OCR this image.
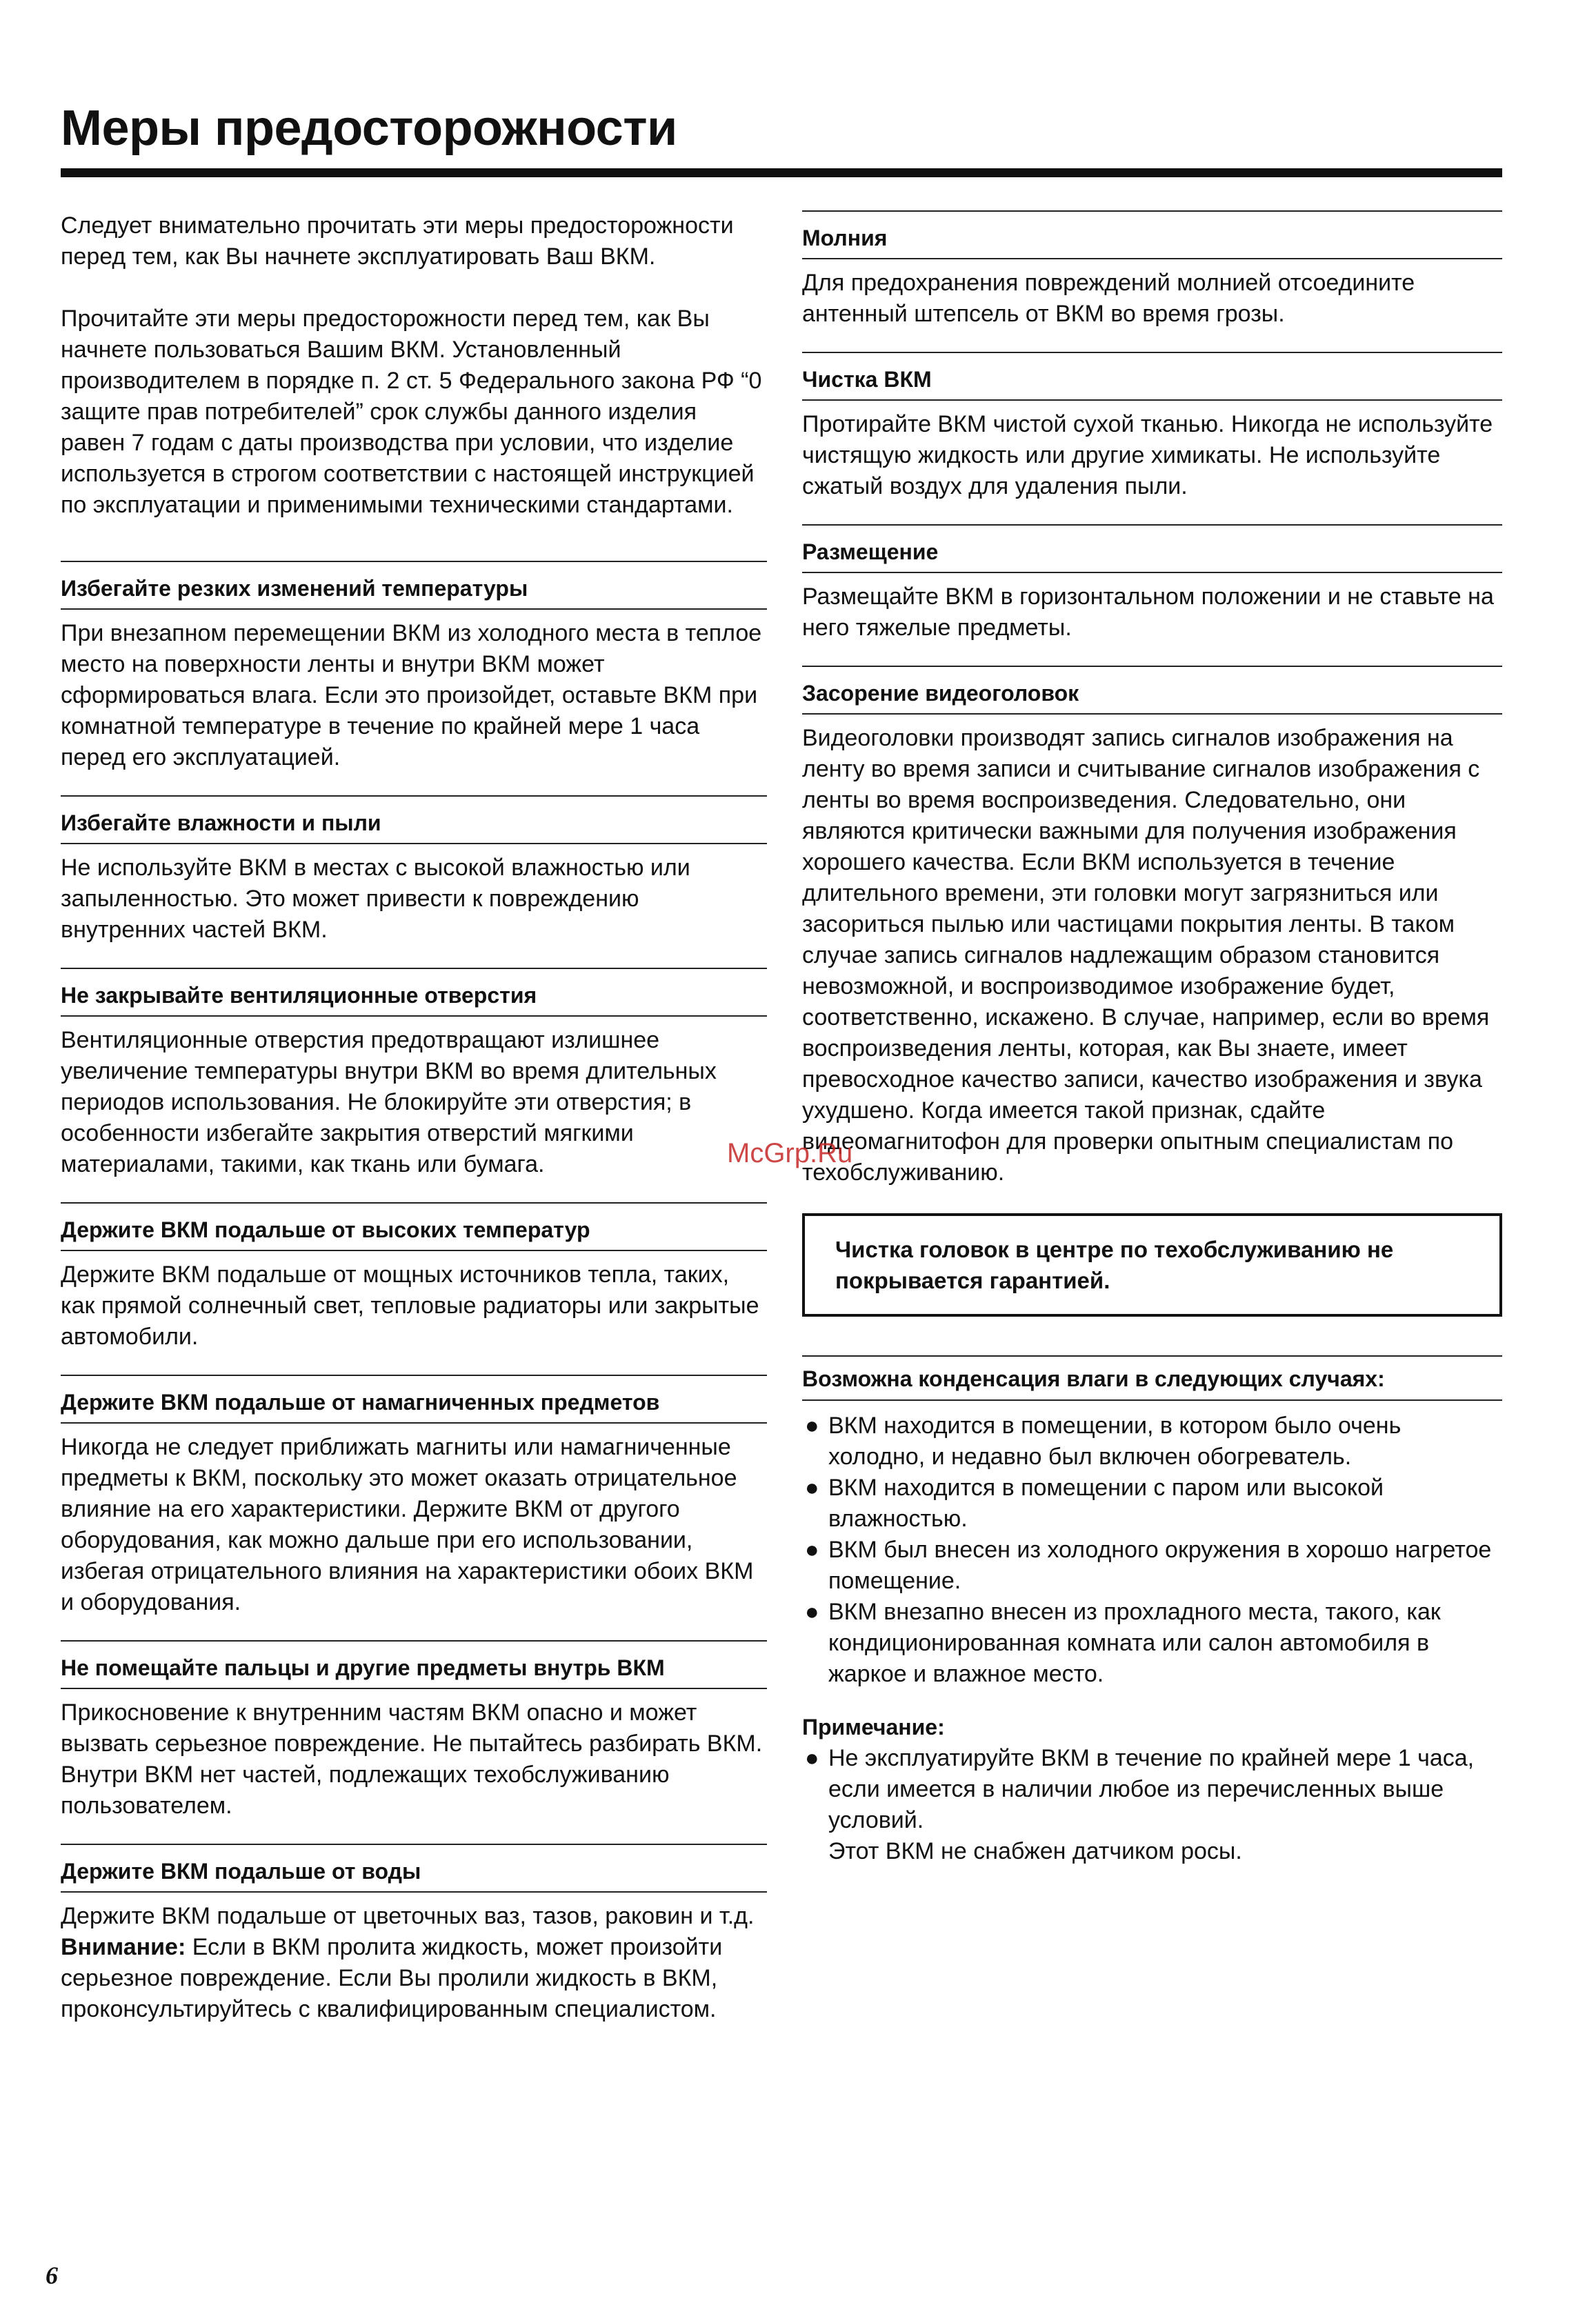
Меры предосторожности

Следует внимательно прочитать эти меры предосторожности перед тем, как Вы начнете эксплуатировать Ваш ВКМ.

Прочитайте эти меры предосторожности перед тем, как Вы начнете пользоваться Вашим ВКМ. Установленный производителем в порядке п. 2 ст. 5 Федерального закона РФ “0 защите прав потребителей” срок службы данного изделия равен 7 годам с даты производства при условии, что изделие используется в строгом соответствии с настоящей инструкцией по эксплуатации и применимыми техническими стандартами.

Избегайте резких изменений температуры

При внезапном перемещении ВКМ из холодного места в теплое место на поверхности ленты и внутри ВКМ может сформироваться влага. Если это произойдет, оставьте ВКМ при комнатной температуре в течение по крайней мере 1 часа перед его эксплуатацией.

Избегайте влажности и пыли

Не используйте ВКМ в местах с высокой влажностью или запыленностью. Это может привести к повреждению внутренних частей ВКМ.

Не закрывайте вентиляционные отверстия

Вентиляционные отверстия предотвращают излишнее увеличение температуры внутри ВКМ во время длительных периодов использования. Не блокируйте эти отверстия; в особенности избегайте закрытия отверстий мягкими материалами, такими, как ткань или бумага.

Держите ВКМ подальше от высоких температур

Держите ВКМ подальше от мощных источников тепла, таких, как прямой солнечный свет, тепловые радиаторы или закрытые автомобили.

Держите ВКМ подальше от намагниченных предметов

Никогда не следует приближать магниты или намагниченные предметы к ВКМ, поскольку это может оказать отрицательное влияние на его характеристики. Держите ВКМ от другого оборудования, как можно дальше при его использовании, избегая отрицательного влияния на характеристики обоих ВКМ и оборудования.

Не помещайте пальцы и другие предметы внутрь ВКМ

Прикосновение к внутренним частям ВКМ опасно и может вызвать серьезное повреждение. Не пытайтесь разбирать ВКМ. Внутри ВКМ нет частей, подлежащих техобслуживанию пользователем.

Держите ВКМ подальше от воды

Держите ВКМ подальше от цветочных ваз, тазов, раковин и т.д.

Внимание: Если в ВКМ пролита жидкость, может произойти серьезное повреждение. Если Вы пролили жидкость в ВКМ, проконсультируйтесь с квалифицированным специалистом.

Молния

Для предохранения повреждений молнией отсоедините антенный штепсель от ВКМ во время грозы.

Чистка ВКМ

Протирайте ВКМ чистой сухой тканью. Никогда не используйте чистящую жидкость или другие химикаты. Не используйте сжатый воздух для удаления пыли.

Размещение

Размещайте ВКМ в горизонтальном положении и не ставьте на него тяжелые предметы.

Засорение видеоголовок

Видеоголовки производят запись сигналов изображения на ленту во время записи и считывание сигналов изображения с ленты во время воспроизведения. Следовательно, они являются критически важными для получения изображения хорошего качества. Если ВКМ используется в течение длительного времени, эти головки могут загрязниться или засориться пылью или частицами покрытия ленты. В таком случае запись сигналов надлежащим образом становится невозможной, и воспроизводимое изображение будет, соответственно, искажено. В случае, например, если во время воспроизведения ленты, которая, как Вы знаете, имеет превосходное качество записи, качество изображения и звука ухудшено. Когда имеется такой признак, сдайте видеомагнитофон для проверки опытным специалистам по техобслуживанию.

Чистка головок в центре по техобслуживанию не покрывается гарантией.
Возможна конденсация влаги в следующих случаях:
● ВКМ находится в помещении, в котором было очень холодно, и недавно был включен обогреватель.
● ВКМ находится в помещении с паром или высокой влажностью.
● ВКМ был внесен из холодного окружения в хорошо нагретое помещение.
● ВКМ внезапно внесен из прохладного места, такого, как кондиционированная комната или салон автомобиля в жаркое и влажное место.
Примечание:
● Не эксплуатируйте ВКМ в течение по крайней мере 1 часа, если имеется в наличии любое из перечисленных выше условий.

Этот ВКМ не снабжен датчиком росы.

McGrp.Ru
6
